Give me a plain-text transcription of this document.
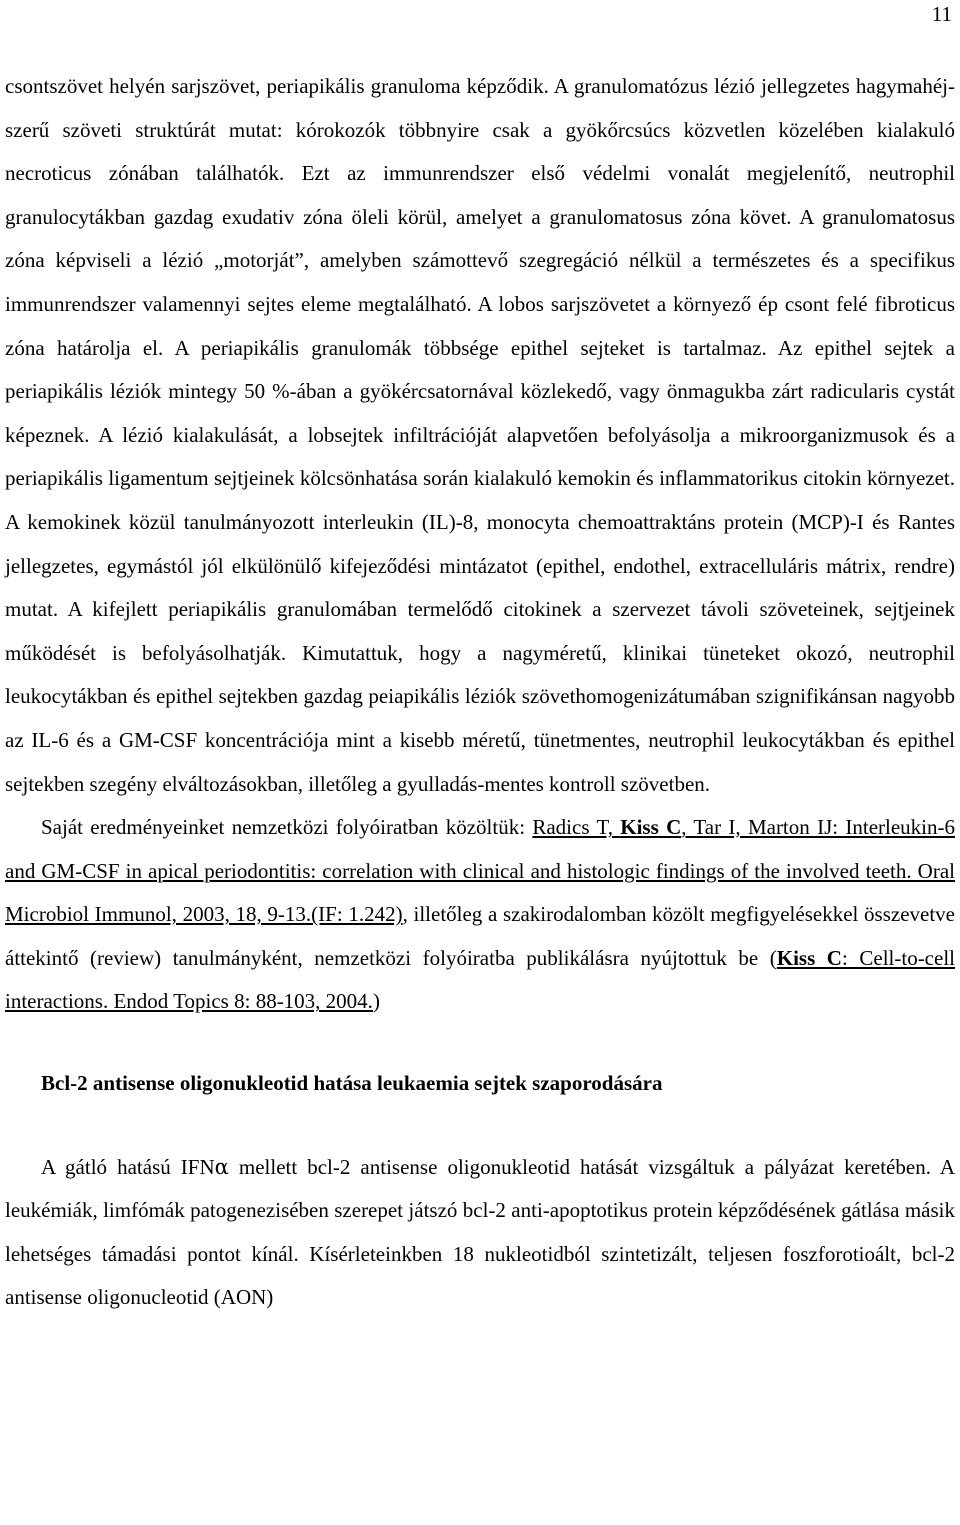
11

csontszövet helyén sarjszövet, periapikális granuloma képződik. A granulomatózus lézió jellegzetes hagymahéj-szerű szöveti struktúrát mutat: kórokozók többnyire csak a gyökőrcsúcs közvetlen közelében kialakuló necroticus zónában találhatók. Ezt az immunrendszer első védelmi vonalát megjelenítő, neutrophil granulocytákban gazdag exudativ zóna öleli körül, amelyet a granulomatosus zóna követ. A granulomatosus zóna képviseli a lézió „motorját”, amelyben számottevő szegregáció nélkül a természetes és a specifikus immunrendszer valamennyi sejtes eleme megtalálható. A lobos sarjszövetet a környező ép csont felé fibroticus zóna határolja el. A periapikális granulomák többsége epithel sejteket is tartalmaz. Az epithel sejtek a periapikális léziók mintegy 50 %-ában a gyökércsatornával közlekedő, vagy önmagukba zárt radicularis cystát képeznek. A lézió kialakulását, a lobsejtek infiltrációját alapvetően befolyásolja a mikroorganizmusok és a periapikális ligamentum sejtjeinek kölcsönhatása során kialakuló kemokin és inflammatorikus citokin környezet. A kemokinek közül tanulmányozott interleukin (IL)-8, monocyta chemoattraktáns protein (MCP)-I és Rantes jellegzetes, egymástól jól elkülönülő kifejeződési mintázatot (epithel, endothel, extracelluláris mátrix, rendre) mutat. A kifejlett periapikális granulomában termelődő citokinek a szervezet távoli szöveteinek, sejtjeinek működését is befolyásolhatják. Kimutattuk, hogy a nagyméretű, klinikai tüneteket okozó, neutrophil leukocytákban és epithel sejtekben gazdag peiapikális léziók szövethomogenizátumában szignifikánsan nagyobb az IL-6 és a GM-CSF koncentrációja mint a kisebb méretű, tünetmentes, neutrophil leukocytákban és epithel sejtekben szegény elváltozásokban, illetőleg a gyulladás-mentes kontroll szövetben.

Saját eredményeinket nemzetközi folyóiratban közöltük: Radics T, Kiss C, Tar I, Marton IJ: Interleukin-6 and GM-CSF in apical periodontitis: correlation with clinical and histologic findings of the involved teeth. Oral Microbiol Immunol, 2003, 18, 9-13.(IF: 1.242), illetőleg a szakirodalomban közölt megfigyelésekkel összevetve áttekintő (review) tanulmányként, nemzetközi folyóiratba publikálásra nyújtottuk be (Kiss C: Cell-to-cell interactions. Endod Topics 8: 88-103, 2004.)

Bcl-2 antisense oligonukleotid hatása leukaemia sejtek szaporodására

A gátló hatású IFNα mellett bcl-2 antisense oligonukleotid hatását vizsgáltuk a pályázat keretében. A leukémiák, limfómák patogenezisében szerepet játszó bcl-2 anti-apoptotikus protein képződésének gátlása másik lehetséges támadási pontot kínál. Kísérleteinkben 18 nukleotidból szintetizált, teljesen foszforotioált, bcl-2 antisense oligonucleotid (AON)
